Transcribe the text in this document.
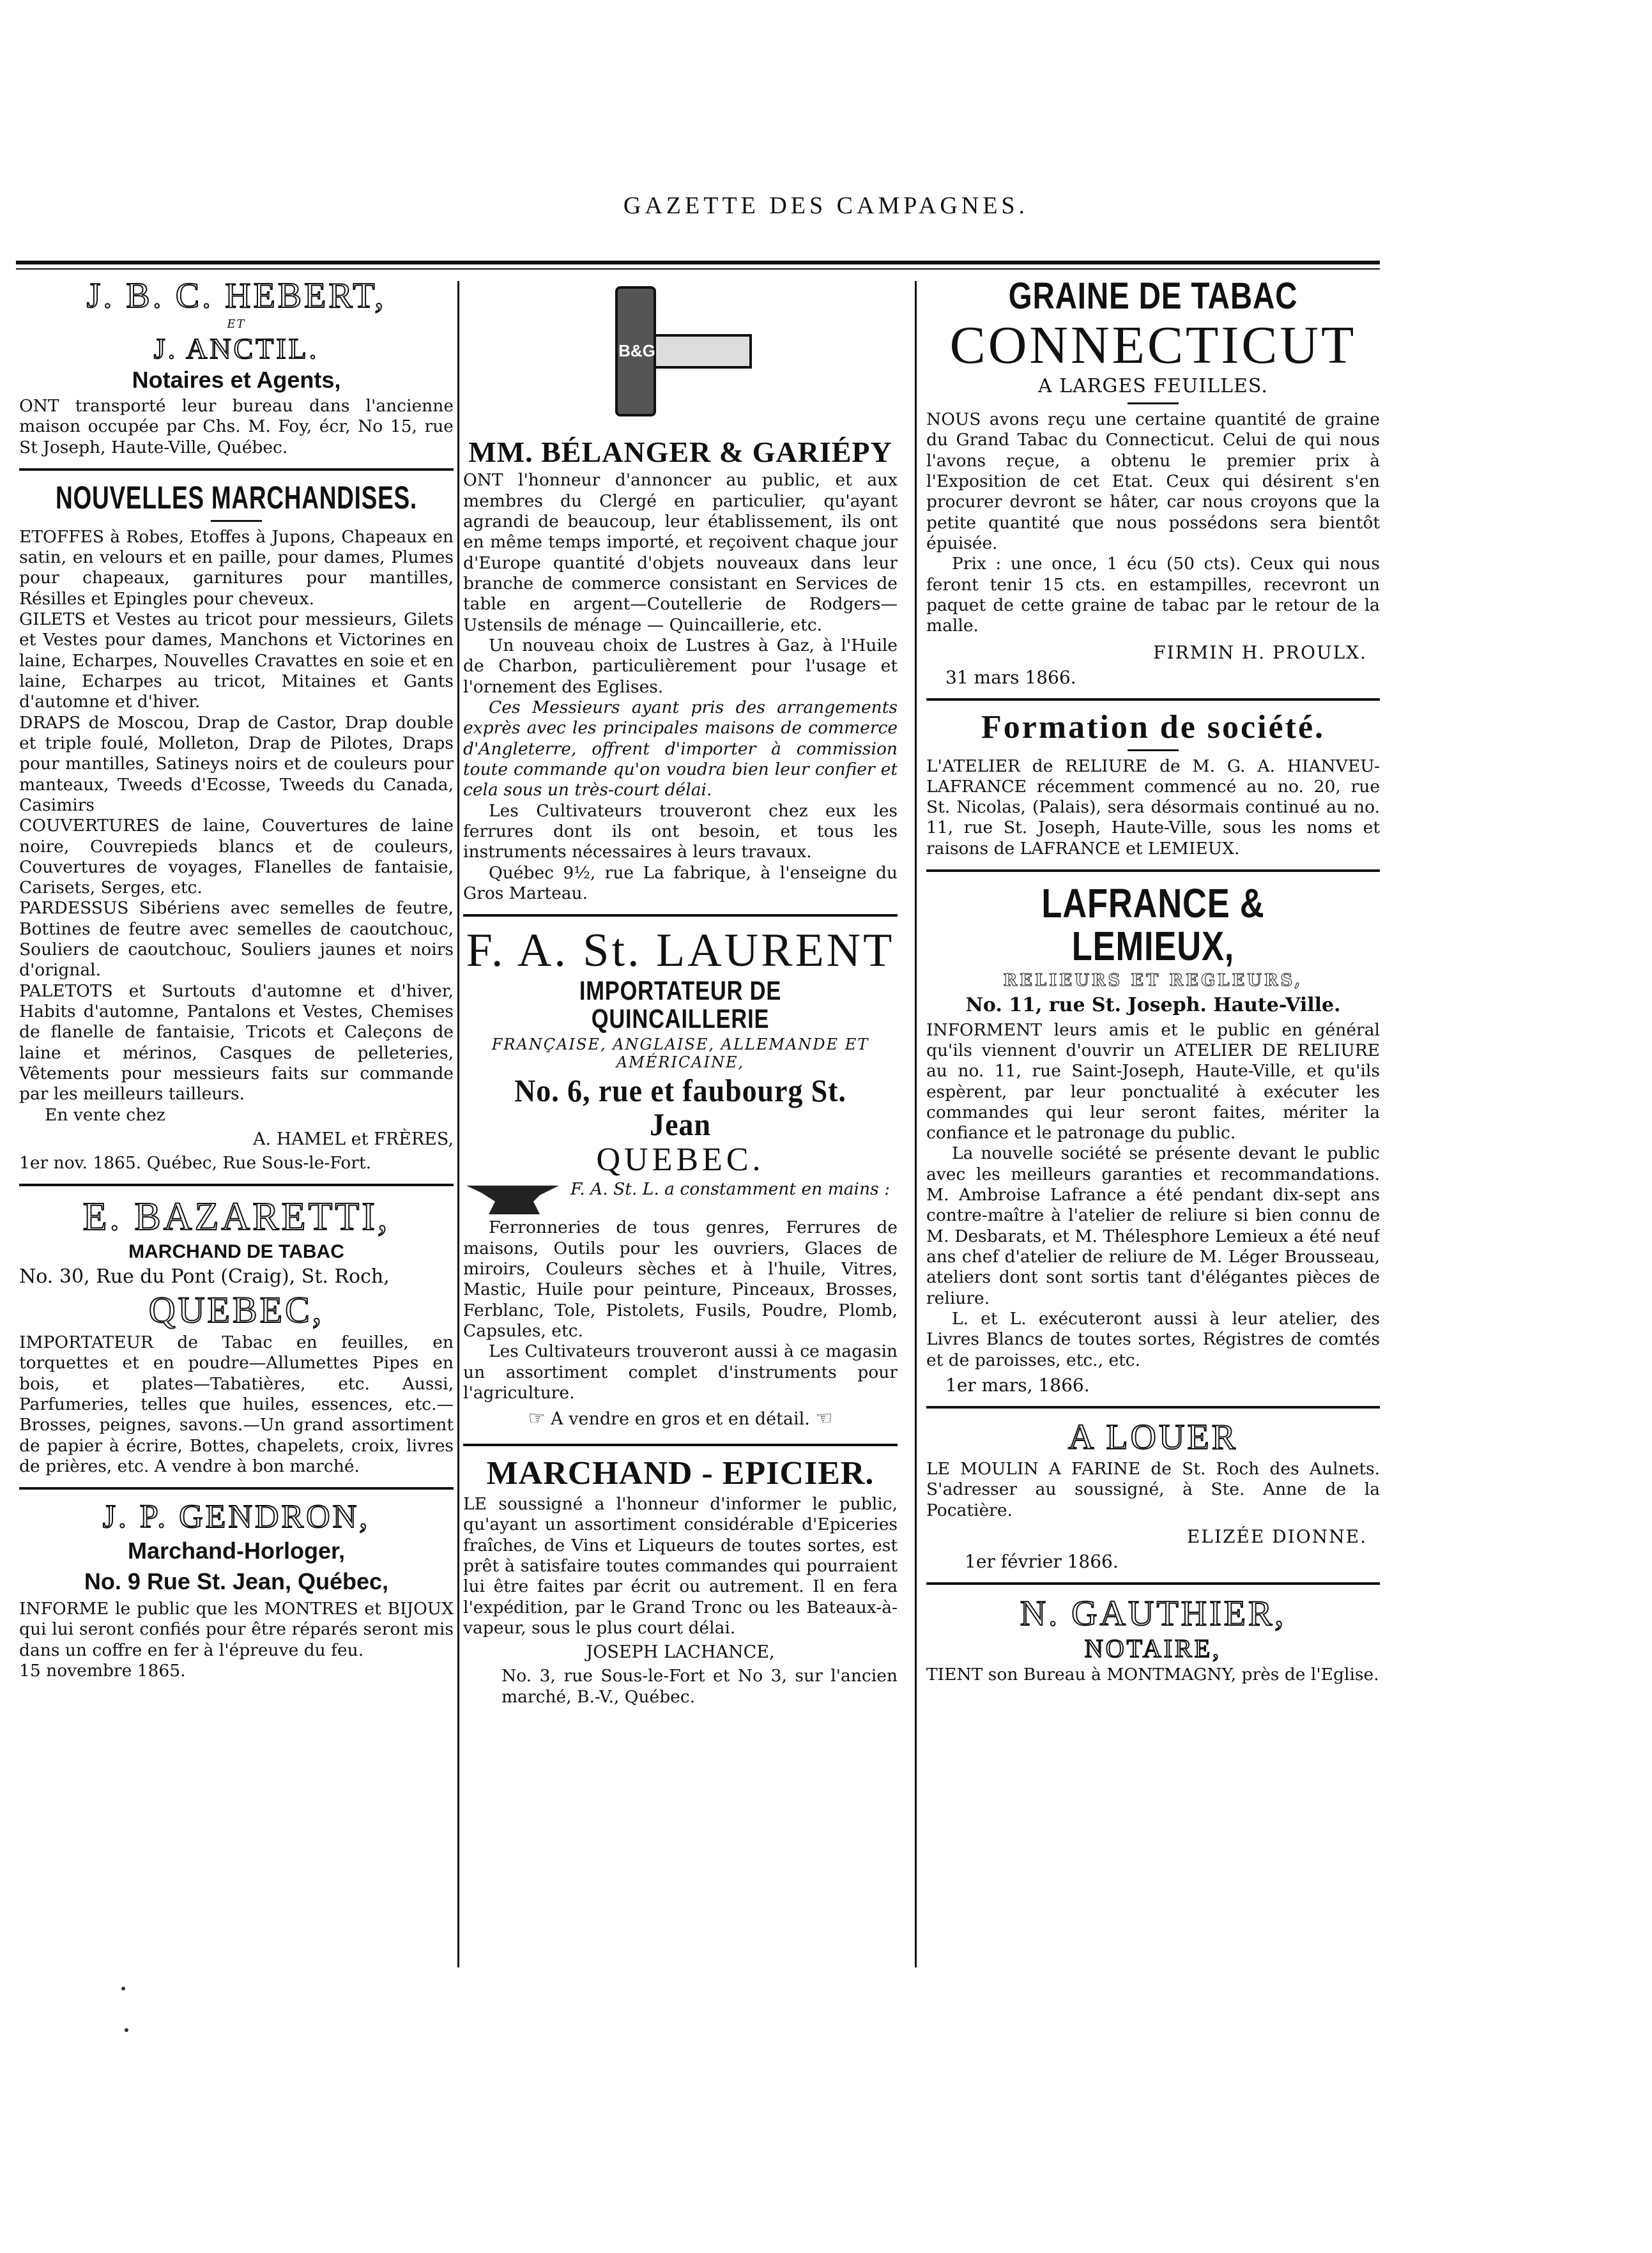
GAZETTE DES CAMPAGNES.
J. B. C. HEBERT,
ET
J. ANCTIL.
Notaires et Agents,

ONT transporté leur bureau dans l'ancienne maison occupée par Chs. M. Foy, écr, No 15, rue St Joseph, Haute-Ville, Québec.

NOUVELLES MARCHANDISES.

ETOFFES à Robes, Etoffes à Jupons, Chapeaux en satin, en velours et en paille, pour dames, Plumes pour chapeaux, garnitures pour mantilles, Résilles et Epingles pour cheveux.

GILETS et Vestes au tricot pour messieurs, Gilets et Vestes pour dames, Manchons et Victorines en laine, Echarpes, Nouvelles Cravattes en soie et en laine, Echarpes au tricot, Mitaines et Gants d'automne et d'hiver.

DRAPS de Moscou, Drap de Castor, Drap double et triple foulé, Molleton, Drap de Pilotes, Draps pour mantilles, Satineys noirs et de couleurs pour manteaux, Tweeds d'Ecosse, Tweeds du Canada, Casimirs

COUVERTURES de laine, Couvertures de laine noire, Couvrepieds blancs et de couleurs, Couvertures de voyages, Flanelles de fantaisie, Carisets, Serges, etc.

PARDESSUS Sibériens avec semelles de feutre, Bottines de feutre avec semelles de caoutchouc, Souliers de caoutchouc, Souliers jaunes et noirs d'orignal.

PALETOTS et Surtouts d'automne et d'hiver, Habits d'automne, Pantalons et Vestes, Chemises de flanelle de fantaisie, Tricots et Caleçons de laine et mérinos, Casques de pelleteries, Vêtements pour messieurs faits sur commande par les meilleurs tailleurs.

En vente chez

A. HAMEL et FRÈRES,
1er nov. 1865. Québec, Rue Sous-le-Fort.
E. BAZARETTI,
MARCHAND DE TABAC
No. 30, Rue du Pont (Craig), St. Roch,
QUEBEC,

IMPORTATEUR de Tabac en feuilles, en torquettes et en poudre—Allumettes Pipes en bois, et plates—Tabatières, etc. Aussi, Parfumeries, telles que huiles, essences, etc.—Brosses, peignes, savons.—Un grand assortiment de papier à écrire, Bottes, chapelets, croix, livres de prières, etc. A vendre à bon marché.

J. P. GENDRON,
Marchand-Horloger,
No. 9 Rue St. Jean, Québec,

INFORME le public que les MONTRES et BIJOUX qui lui seront confiés pour être réparés seront mis dans un coffre en fer à l'épreuve du feu.

15 novembre 1865.
B&G
MM. BÉLANGER & GARIÉPY

ONT l'honneur d'annoncer au public, et aux membres du Clergé en particulier, qu'ayant agrandi de beaucoup, leur établissement, ils ont en même temps importé, et reçoivent chaque jour d'Europe quantité d'objets nouveaux dans leur branche de commerce consistant en Services de table en argent—Coutellerie de Rodgers—Ustensils de ménage — Quincaillerie, etc.

Un nouveau choix de Lustres à Gaz, à l'Huile de Charbon, particulièrement pour l'usage et l'ornement des Eglises.

Ces Messieurs ayant pris des arrangements exprès avec les principales maisons de commerce d'Angleterre, offrent d'importer à commission toute commande qu'on voudra bien leur confier et cela sous un très-court délai.

Les Cultivateurs trouveront chez eux les ferrures dont ils ont besoin, et tous les instruments nécessaires à leurs travaux.

Québec 9½, rue La fabrique, à l'enseigne du Gros Marteau.

F. A. St. LAURENT
IMPORTATEUR DE QUINCAILLERIE
FRANÇAISE, ANGLAISE, ALLEMANDE ET AMÉRICAINE,
No. 6, rue et faubourg St. Jean
QUEBEC.

F. A. St. L. a constamment en mains :

Ferronneries de tous genres, Ferrures de maisons, Outils pour les ouvriers, Glaces de miroirs, Couleurs sèches et à l'huile, Vitres, Mastic, Huile pour peinture, Pinceaux, Brosses, Ferblanc, Tole, Pistolets, Fusils, Poudre, Plomb, Capsules, etc.

Les Cultivateurs trouveront aussi à ce magasin un assortiment complet d'instruments pour l'agriculture.

☞ A vendre en gros et en détail. ☜
MARCHAND - EPICIER.

LE soussigné a l'honneur d'informer le public, qu'ayant un assortiment considérable d'Epiceries fraîches, de Vins et Liqueurs de toutes sortes, est prêt à satisfaire toutes commandes qui pourraient lui être faites par écrit ou autrement. Il en fera l'expédition, par le Grand Tronc ou les Bateaux-à-vapeur, sous le plus court délai.

JOSEPH LACHANCE,
No. 3, rue Sous-le-Fort et No 3, sur l'ancien marché, B.-V., Québec.
GRAINE DE TABAC
CONNECTICUT
A LARGES FEUILLES.

NOUS avons reçu une certaine quantité de graine du Grand Tabac du Connecticut. Celui de qui nous l'avons reçue, a obtenu le premier prix à l'Exposition de cet Etat. Ceux qui désirent s'en procurer devront se hâter, car nous croyons que la petite quantité que nous possédons sera bientôt épuisée.

Prix : une once, 1 écu (50 cts). Ceux qui nous feront tenir 15 cts. en estampilles, recevront un paquet de cette graine de tabac par le retour de la malle.

FIRMIN H. PROULX.
31 mars 1866.
Formation de société.

L'ATELIER de RELIURE de M. G. A. HIANVEU-LAFRANCE récemment commencé au no. 20, rue St. Nicolas, (Palais), sera désormais continué au no. 11, rue St. Joseph, Haute-Ville, sous les noms et raisons de LAFRANCE et LEMIEUX.

LAFRANCE & LEMIEUX,
RELIEURS ET REGLEURS,
No. 11, rue St. Joseph. Haute-Ville.

INFORMENT leurs amis et le public en général qu'ils viennent d'ouvrir un ATELIER DE RELIURE au no. 11, rue Saint-Joseph, Haute-Ville, et qu'ils espèrent, par leur ponctualité à exécuter les commandes qui leur seront faites, mériter la confiance et le patronage du public.

La nouvelle société se présente devant le public avec les meilleurs garanties et recommandations. M. Ambroise Lafrance a été pendant dix-sept ans contre-maître à l'atelier de reliure si bien connu de M. Desbarats, et M. Thélesphore Lemieux a été neuf ans chef d'atelier de reliure de M. Léger Brousseau, ateliers dont sont sortis tant d'élégantes pièces de reliure.

L. et L. exécuteront aussi à leur atelier, des Livres Blancs de toutes sortes, Régistres de comtés et de paroisses, etc., etc.

1er mars, 1866.
A LOUER

LE MOULIN A FARINE de St. Roch des Aulnets. S'adresser au soussigné, à Ste. Anne de la Pocatière.

ELIZÉE DIONNE.
1er février 1866.
N. GAUTHIER,
NOTAIRE,

TIENT son Bureau à MONTMAGNY, près de l'Eglise.
